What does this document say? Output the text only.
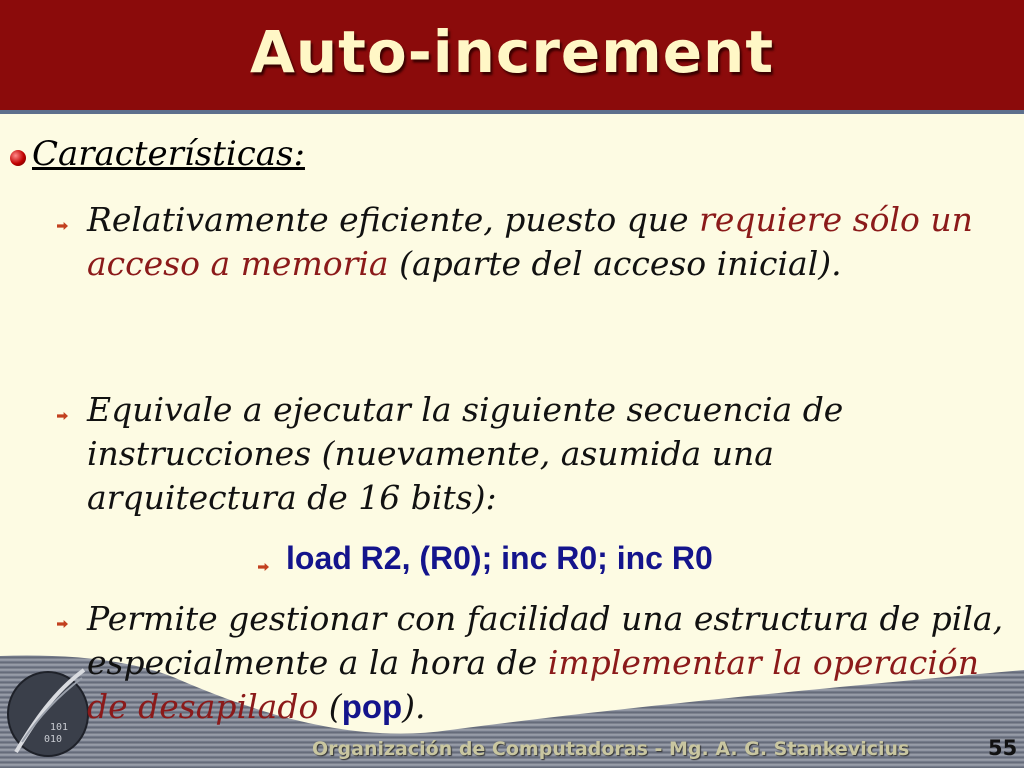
Auto-increment
Características:
Relativamente eficiente, puesto que requiere sólo un acceso a memoria (aparte del acceso inicial).
Equivale a ejecutar la siguiente secuencia de instrucciones (nuevamente, asumida una arquitectura de 16 bits):
load R2, (R0); inc R0; inc R0
101
010
Permite gestionar con facilidad una estructura de pila, especialmente a la hora de implementar la operación de desapilado (pop).
Organización de Computadoras - Mg. A. G. Stankevicius	55
